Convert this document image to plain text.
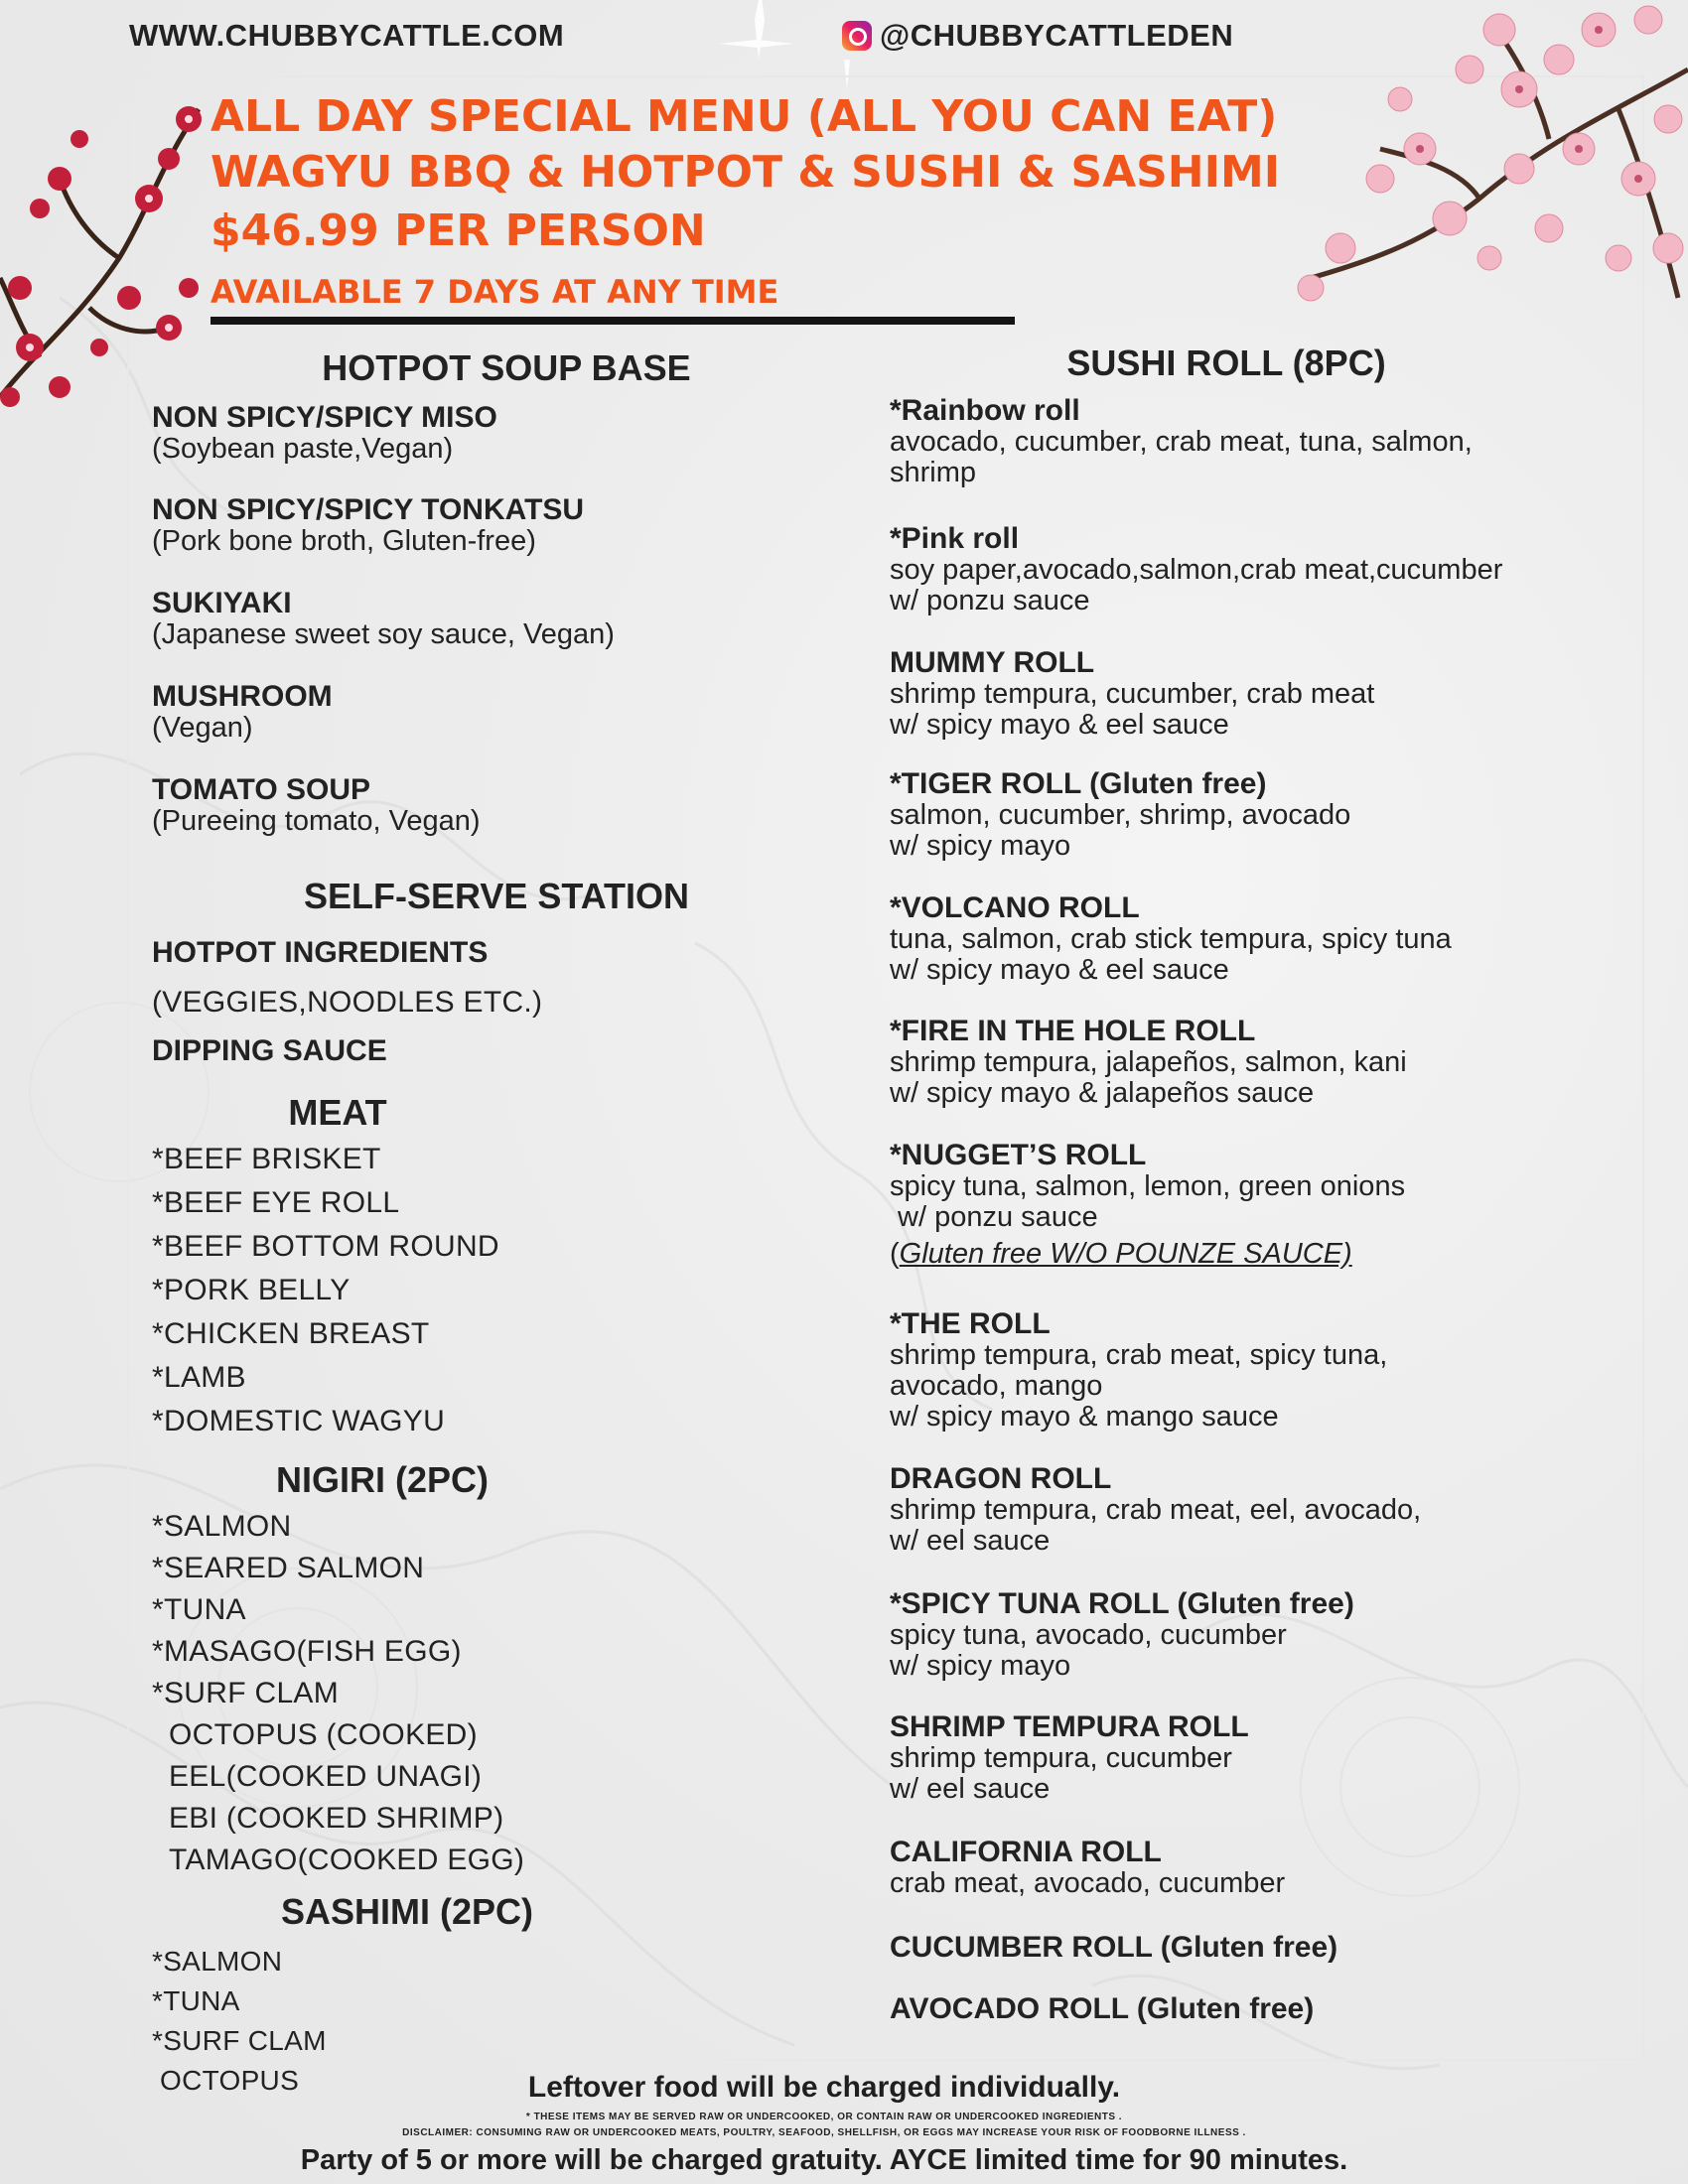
WWW.CHUBBYCATTLE.COM	@CHUBBYCATTLEDEN
ALL DAY SPECIAL MENU (ALL YOU CAN EAT)
WAGYU BBQ & HOTPOT & SUSHI & SASHIMI
$46.99 PER PERSON
AVAILABLE 7 DAYS AT ANY TIME
HOTPOT SOUP BASE
NON SPICY/SPICY MISO
(Soybean paste,Vegan)
NON SPICY/SPICY TONKATSU
(Pork bone broth, Gluten-free)
SUKIYAKI
(Japanese sweet soy sauce, Vegan)
MUSHROOM
(Vegan)
TOMATO SOUP
(Pureeing tomato, Vegan)
SELF-SERVE STATION
HOTPOT INGREDIENTS
(VEGGIES,NOODLES ETC.)
DIPPING SAUCE
MEAT
*BEEF BRISKET
*BEEF EYE ROLL
*BEEF BOTTOM ROUND
*PORK BELLY
*CHICKEN BREAST
*LAMB
*DOMESTIC WAGYU
NIGIRI (2PC)
*SALMON
*SEARED SALMON
*TUNA
*MASAGO(FISH EGG)
*SURF CLAM
OCTOPUS (COOKED)
EEL(COOKED UNAGI)
EBI (COOKED SHRIMP)
TAMAGO(COOKED EGG)
SASHIMI (2PC)
*SALMON
*TUNA
*SURF CLAM
OCTOPUS
SUSHI ROLL (8PC)
*Rainbow roll
avocado, cucumber, crab meat, tuna, salmon,
shrimp
*Pink roll
soy paper,avocado,salmon,crab meat,cucumber
w/ ponzu sauce
MUMMY ROLL
shrimp tempura, cucumber, crab meat
w/ spicy mayo & eel sauce
*TIGER ROLL (Gluten free)
salmon, cucumber, shrimp, avocado
w/ spicy mayo
*VOLCANO ROLL
tuna, salmon, crab stick tempura, spicy tuna
w/ spicy mayo & eel sauce
*FIRE IN THE HOLE ROLL
shrimp tempura, jalapeños, salmon, kani
w/ spicy mayo & jalapeños sauce
*NUGGET’S ROLL
spicy tuna, salmon, lemon, green onions
w/ ponzu sauce
(Gluten free W/O POUNZE SAUCE)
*THE ROLL
shrimp tempura, crab meat, spicy tuna,
avocado, mango
w/ spicy mayo & mango sauce
DRAGON ROLL
shrimp tempura, crab meat, eel, avocado,
w/ eel sauce
*SPICY TUNA ROLL (Gluten free)
spicy tuna, avocado, cucumber
w/ spicy mayo
SHRIMP TEMPURA ROLL
shrimp tempura, cucumber
w/ eel sauce
CALIFORNIA ROLL
crab meat, avocado, cucumber
CUCUMBER ROLL (Gluten free)
AVOCADO ROLL (Gluten free)
Leftover food will be charged individually.
* THESE ITEMS MAY BE SERVED RAW OR UNDERCOOKED, OR CONTAIN RAW OR UNDERCOOKED INGREDIENTS .
DISCLAIMER: CONSUMING RAW OR UNDERCOOKED MEATS, POULTRY, SEAFOOD, SHELLFISH, OR EGGS MAY INCREASE YOUR RISK OF FOODBORNE ILLNESS .
Party of 5 or more will be charged gratuity. AYCE limited time for 90 minutes.
